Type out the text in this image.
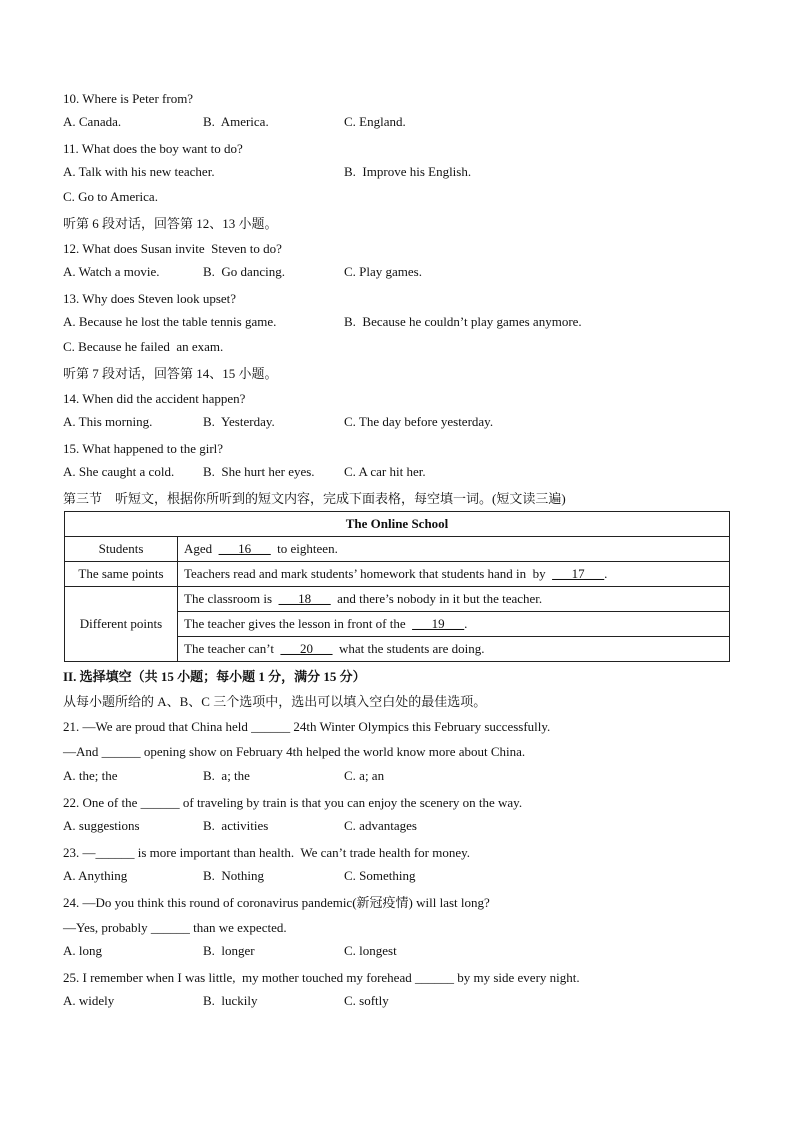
10. Where is Peter from?
A. Canada.	B.  America.	C. England.
11. What does the boy want to do?
A. Talk with his new teacher.	B.  Improve his English.
C. Go to America.
听第 6 段对话，回答第 12、13 小题。
12. What does Susan invite  Steven to do?
A. Watch a movie.	B.  Go dancing.	C. Play games.
13. Why does Steven look upset?
A. Because he lost the table tennis game.	B.  Because he couldn’t play games anymore.
C. Because he failed  an exam.
听第 7 段对话，回答第 14、15 小题。
14. When did the accident happen?
A. This morning.	B.  Yesterday.	C. The day before yesterday.
15. What happened to the girl?
A. She caught a cold. B.  She hurt her eyes. C. A car hit her.
第三节    听短文，根据你所听到的短文内容，完成下面表格，每空填一词。(短文读三遍)
The Online School	
Students	Aged  ___16___  to eighteen.
The same points	Teachers read and mark students’ homework that students hand in  by  ___17___.
Different points	The classroom is  ___18___  and there’s nobody in it but the teacher.
	The teacher gives the lesson in front of the  ___19___.
	The teacher can’t  ___20___  what the students are doing.
II. 选择填空（共 15 小题；每小题 1 分，满分 15 分）
从每小题所给的 A、B、C 三个选项中，选出可以填入空白处的最佳选项。
21. —We are proud that China held ______ 24th Winter Olympics this February successfully.
—And ______ opening show on February 4th helped the world know more about China.
A. the; the	B.  a; the	C. a; an
22. One of the ______ of traveling by train is that you can enjoy the scenery on the way.
A. suggestions	B.  activities	C. advantages
23. —______ is more important than health.  We can’t trade health for money.
A. Anything	B.  Nothing	C. Something
24. —Do you think this round of coronavirus pandemic(新冠疫情) will last long?
—Yes, probably ______ than we expected.
A. long	B.  longer	C. longest
25. I remember when I was little,  my mother touched my forehead ______ by my side every night.
A. widely	B.  luckily	C. softly
